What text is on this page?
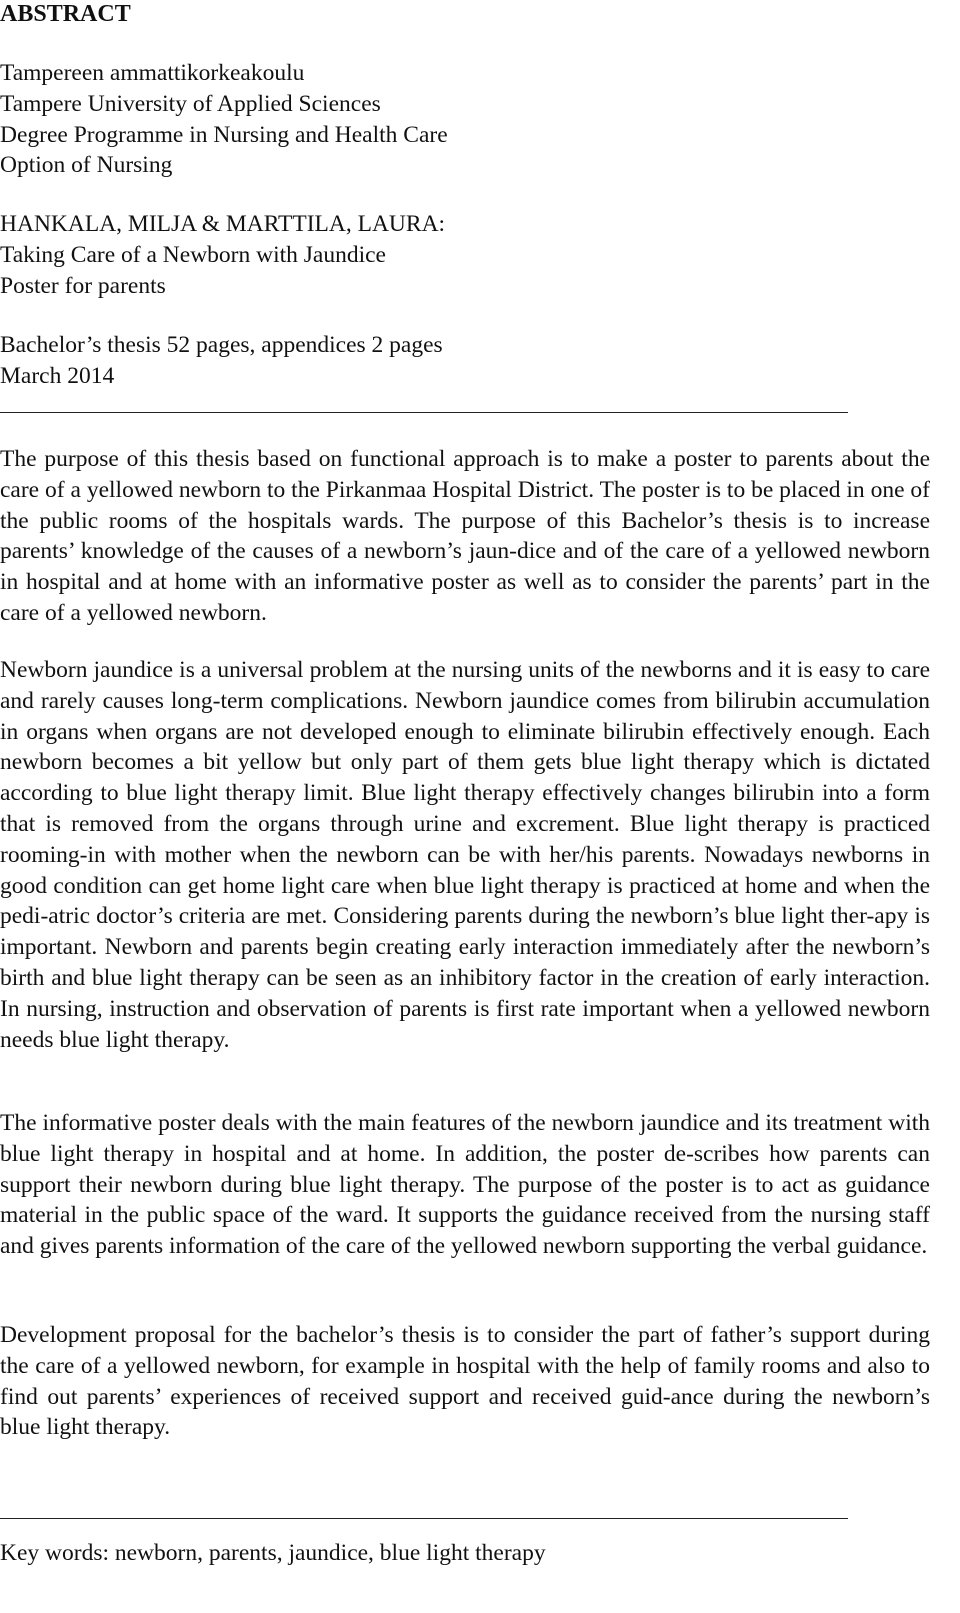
ABSTRACT
Tampereen ammattikorkeakoulu
Tampere University of Applied Sciences
Degree Programme in Nursing and Health Care
Option of Nursing
HANKALA, MILJA & MARTTILA, LAURA:
Taking Care of a Newborn with Jaundice
Poster for parents
Bachelor’s thesis 52 pages, appendices 2 pages
March 2014

The purpose of this thesis based on functional approach is to make a poster to parents about the care of a yellowed newborn to the Pirkanmaa Hospital District. The poster is to be placed in one of the public rooms of the hospitals wards. The purpose of this Bachelor’s thesis is to increase parents’ knowledge of the causes of a newborn’s jaun-dice and of the care of a yellowed newborn in hospital and at home with an informative poster as well as to consider the parents’ part in the care of a yellowed newborn.

Newborn jaundice is a universal problem at the nursing units of the newborns and it is easy to care and rarely causes long-term complications. Newborn jaundice comes from bilirubin accumulation in organs when organs are not developed enough to eliminate bilirubin effectively enough. Each newborn becomes a bit yellow but only part of them gets blue light therapy which is dictated according to blue light therapy limit. Blue light therapy effectively changes bilirubin into a form that is removed from the organs through urine and excrement. Blue light therapy is practiced rooming-in with mother when the newborn can be with her/his parents. Nowadays newborns in good condition can get home light care when blue light therapy is practiced at home and when the pedi-atric doctor’s criteria are met. Considering parents during the newborn’s blue light ther-apy is important. Newborn and parents begin creating early interaction immediately after the newborn’s birth and blue light therapy can be seen as an inhibitory factor in the creation of early interaction. In nursing, instruction and observation of parents is first rate important when a yellowed newborn needs blue light therapy.

The informative poster deals with the main features of the newborn jaundice and its treatment with blue light therapy in hospital and at home. In addition, the poster de-scribes how parents can support their newborn during blue light therapy. The purpose of the poster is to act as guidance material in the public space of the ward. It supports the guidance received from the nursing staff and gives parents information of the care of the yellowed newborn supporting the verbal guidance.

Development proposal for the bachelor’s thesis is to consider the part of father’s support during the care of a yellowed newborn, for example in hospital with the help of family rooms and also to find out parents’ experiences of received support and received guid-ance during the newborn’s blue light therapy.

Key words: newborn, parents, jaundice, blue light therapy
